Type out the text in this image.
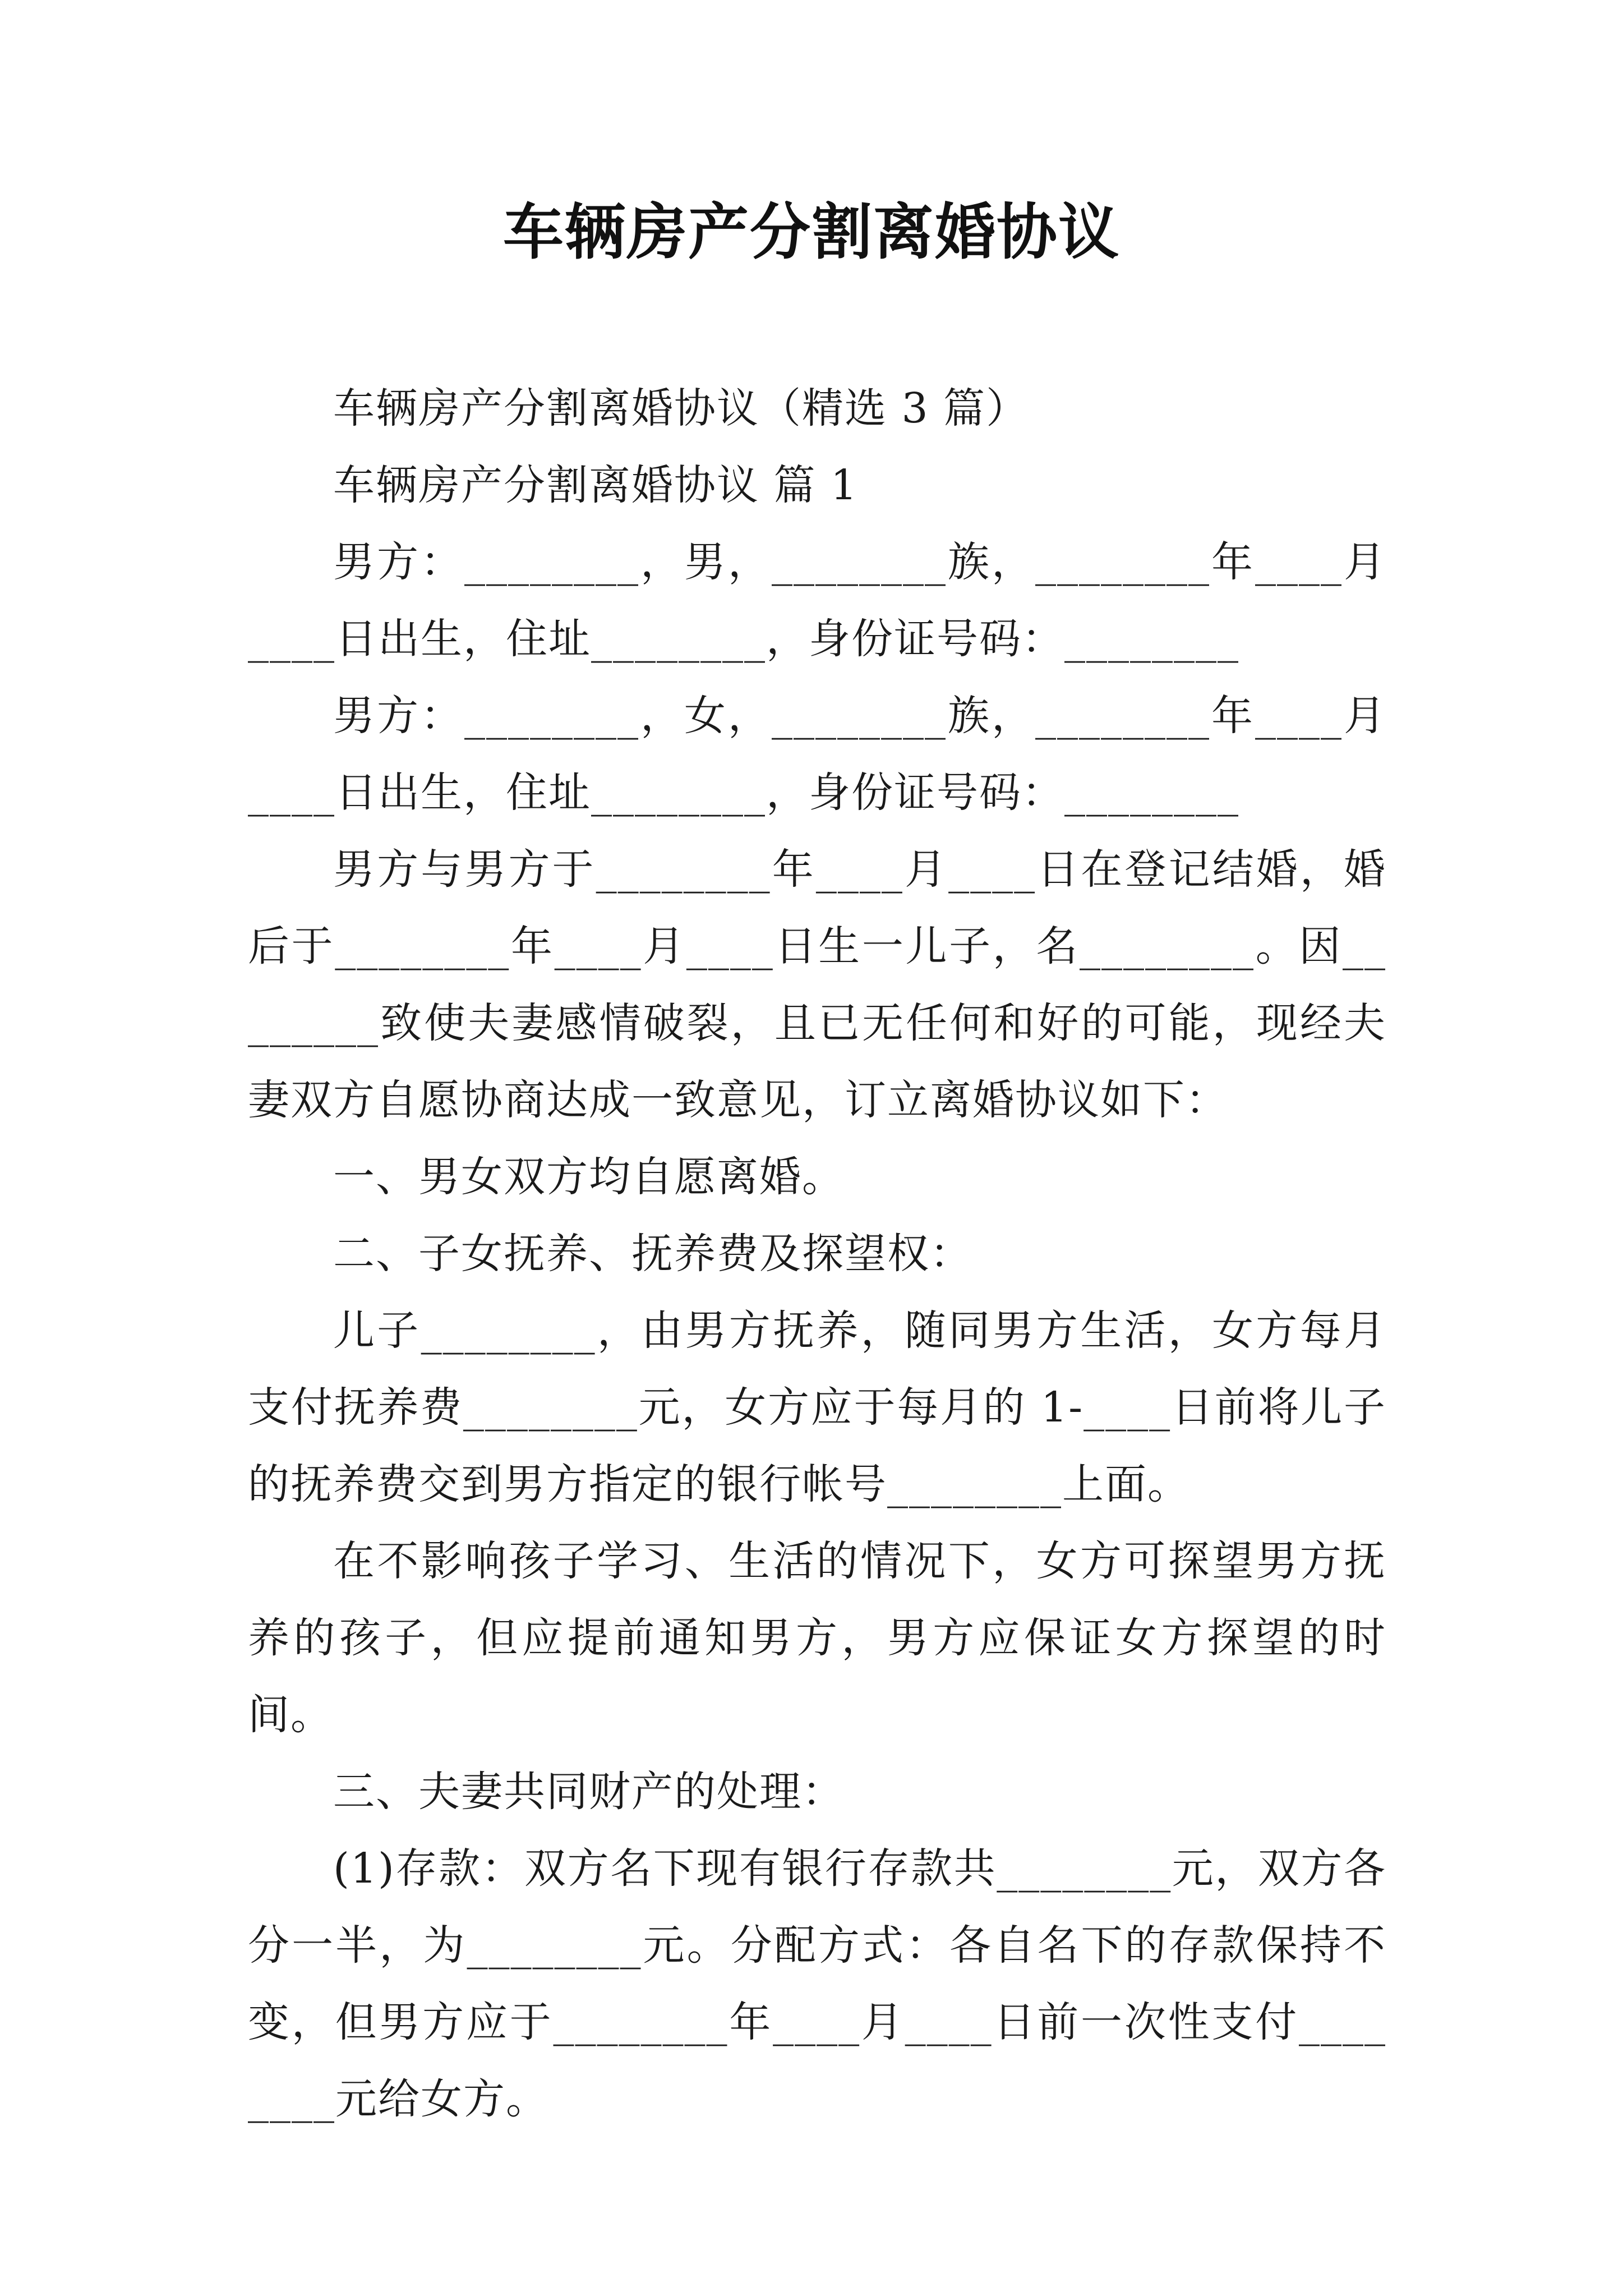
车辆房产分割离婚协议

车辆房产分割离婚协议（精选 3 篇）

车辆房产分割离婚协议 篇 1

男方：________，男，________族，________年____月____日出生，住址________，身份证号码：________

男方：________，女，________族，________年____月____日出生，住址________，身份证号码：________

男方与男方于________年____月____日在登记结婚，婚后于________年____月____日生一儿子，名________。因________致使夫妻感情破裂，且已无任何和好的可能，现经夫妻双方自愿协商达成一致意见，订立离婚协议如下：

一、男女双方均自愿离婚。

二、子女抚养、抚养费及探望权：

儿子________，由男方抚养，随同男方生活，女方每月支付抚养费________元，女方应于每月的 1-____日前将儿子的抚养费交到男方指定的银行帐号________上面。

在不影响孩子学习、生活的情况下，女方可探望男方抚养的孩子，但应提前通知男方，男方应保证女方探望的时间。

三、夫妻共同财产的处理：

(1)存款：双方名下现有银行存款共________元，双方各分一半，为________元。分配方式：各自名下的存款保持不变，但男方应于________年____月____日前一次性支付________元给女方。
